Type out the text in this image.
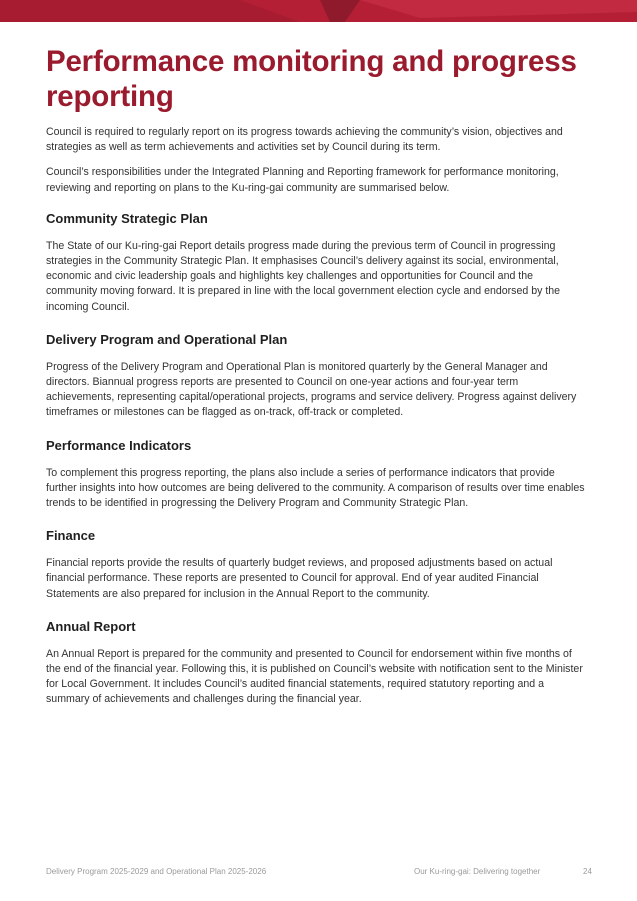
Performance monitoring and progress reporting

Council is required to regularly report on its progress towards achieving the community’s vision, objectives and strategies as well as term achievements and activities set by Council during its term.

Council’s responsibilities under the Integrated Planning and Reporting framework for performance monitoring, reviewing and reporting on plans to the Ku-ring-gai community are summarised below.

Community Strategic Plan

The State of our Ku-ring-gai Report details progress made during the previous term of Council in progressing strategies in the Community Strategic Plan. It emphasises Council’s delivery against its social, environmental, economic and civic leadership goals and highlights key challenges and opportunities for Council and the community moving forward. It is prepared in line with the local government election cycle and endorsed by the incoming Council.

Delivery Program and Operational Plan

Progress of the Delivery Program and Operational Plan is monitored quarterly by the General Manager and directors. Biannual progress reports are presented to Council on one-year actions and four-year term achievements, representing capital/operational projects, programs and service delivery. Progress against delivery timeframes or milestones can be flagged as on-track, off-track or completed.

Performance Indicators

To complement this progress reporting, the plans also include a series of performance indicators that provide further insights into how outcomes are being delivered to the community. A comparison of results over time enables trends to be identified in progressing the Delivery Program and Community Strategic Plan.

Finance

Financial reports provide the results of quarterly budget reviews, and proposed adjustments based on actual financial performance. These reports are presented to Council for approval. End of year audited Financial Statements are also prepared for inclusion in the Annual Report to the community.

Annual Report

An Annual Report is prepared for the community and presented to Council for endorsement within five months of the end of the financial year. Following this, it is published on Council’s website with notification sent to the Minister for Local Government. It includes Council’s audited financial statements, required statutory reporting and a summary of achievements and challenges during the financial year.

Delivery Program 2025-2029 and Operational Plan 2025-2026	Our Ku-ring-gai: Delivering together	24
